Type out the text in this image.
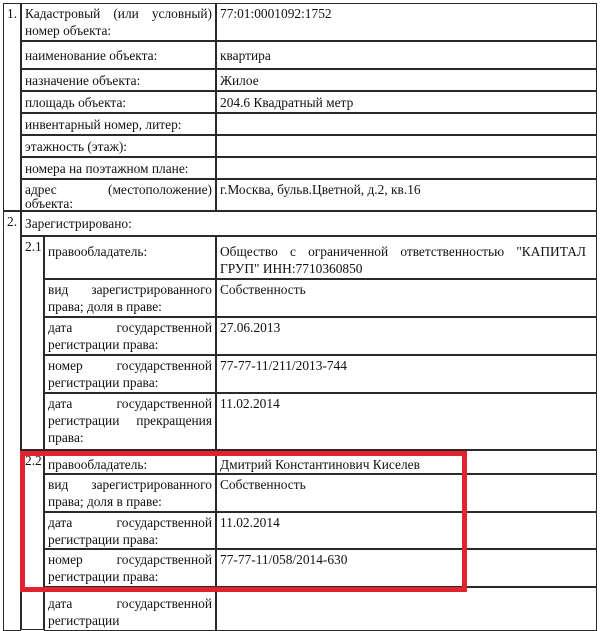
1. Кадастровый (или условный) номер объекта:
77:01:0001092:1752
наименование объекта:	квартира
назначение объекта:	Жилое
площадь объекта:	204.6 Квадратный метр
инвентарный номер, литер:
этажность (этаж):
номера на поэтажном плане:
адрес	(местоположение)
объекта:
г.Москва, бульв.Цветной, д.2, кв.16
2. Зарегистрировано:
2.1 правообладатель:	Общество с ограниченной ответственностью "КАПИТАЛ ГРУП" ИНН:7710360850
вид зарегистрированного права; доля в праве:
Собственность
дата государственной регистрации права:
27.06.2013
номер государственной регистрации права:
77-77-11/211/2013-744
дата государственной регистрации прекращения права:
11.02.2014
2.2 правообладатель:	Дмитрий Константинович Киселев
вид зарегистрированного права; доля в праве:
Собственность
дата государственной регистрации права:
11.02.2014
номер государственной регистрации права:
77-77-11/058/2014-630
дата государственной регистрации
